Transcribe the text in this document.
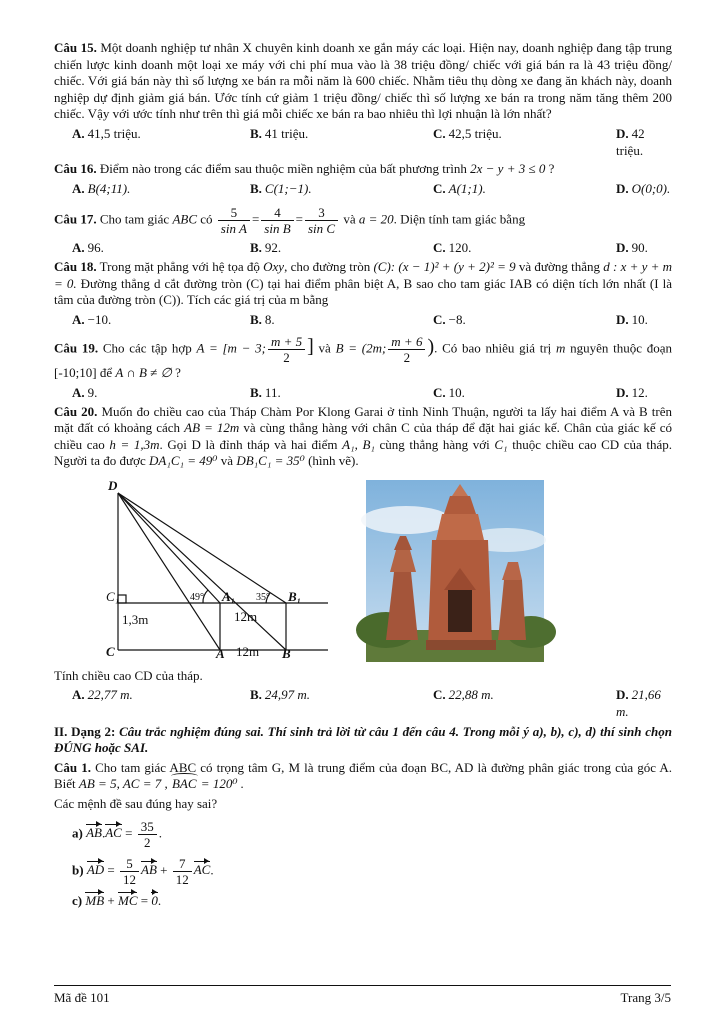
Câu 15. Một doanh nghiệp tư nhân X chuyên kinh doanh xe gắn máy các loại. Hiện nay, doanh nghiệp đang tập trung chiến lược kinh doanh một loại xe máy với chi phí mua vào là 38 triệu đồng/ chiếc với giá bán ra là 43 triệu đồng/ chiếc. Với giá bán này thì số lượng xe bán ra mỗi năm là 600 chiếc. Nhằm tiêu thụ dòng xe đang ăn khách này, doanh nghiệp dự định giảm giá bán. Ước tính cứ giảm 1 triệu đồng/ chiếc thì số lượng xe bán ra trong năm tăng thêm 200 chiếc. Vậy với ước tính như trên thì giá mỗi chiếc xe bán ra bao nhiêu thì lợi nhuận là lớn nhất?

A. 41,5 triệu.	B. 41 triệu.	C. 42,5 triệu.	D. 42 triệu.

Câu 16. Điểm nào trong các điểm sau thuộc miền nghiệm của bất phương trình 2x − y + 3 ≤ 0 ?

A. B(4;11).	B. C(1;−1).	C. A(1;1).	D. O(0;0).

Câu 17. Cho tam giác ABC có $\frac{5}{\text{sin A}} = \frac{4}{\text{sin B}} = \frac{3}{\text{sin C}}$ và a = 20. Diện tính tam giác bằng

A. 96.	B. 92.	C. 120.	D. 90.

Câu 18. Trong mặt phẳng với hệ tọa độ Oxy, cho đường tròn (C): (x − 1)² + (y + 2)² = 9 và đường thẳng d : x + y + m = 0. Đường thẳng d cắt đường tròn (C) tại hai điểm phân biệt A, B sao cho tam giác IAB có diện tích lớn nhất (I là tâm của đường tròn (C)). Tích các giá trị của m bằng

A. −10.	B. 8.	C. −8.	D. 10.

Câu 19. Cho các tập hợp A = [m − 3; $\frac{m + 5}{2}$ ] và B = (2m; $\frac{m + 6}{2}$ ). Có bao nhiêu giá trị m nguyên thuộc đoạn [-10;10] để A ∩ B ≠ ∅ ?

A. 9.	B. 11.	C. 10.	D. 12.

Câu 20. Muốn đo chiều cao của Tháp Chàm Por Klong Garai ở tỉnh Ninh Thuận, người ta lấy hai điểm A và B trên mặt đất có khoảng cách AB = 12m và cùng thẳng hàng với chân C của tháp để đặt hai giác kế. Chân của giác kế có chiều cao h = 1,3m. Gọi D là đỉnh tháp và hai điểm A₁, B₁ cùng thẳng hàng với C₁ thuộc chiều cao CD của tháp. Người ta đo được DA₁C₁ = 49⁰ và DB₁C₁ = 35⁰ (hình vẽ).

D
C₁
C
A₁	B₁
A	B
49°	35°
12m
12m
1,3m

Tính chiều cao CD của tháp.

A. 22,77 m.	B. 24,97 m.	C. 22,88 m.	D. 21,66 m.

II. Dạng 2: Câu trắc nghiệm đúng sai. Thí sinh trả lời từ câu 1 đến câu 4. Trong mỗi ý a), b), c), d) thí sinh chọn ĐÚNG hoặc SAI.

Câu 1. Cho tam giác ABC có trọng tâm G, M là trung điểm của đoạn BC, AD là đường phân giác trong của góc A. Biết AB = 5, AC = 7 , BAC = 120⁰ .

Các mệnh đề sau đúng hay sai?

a) $AB.AC = \frac{35}{2}$ .
b) AD = $\frac{5}{12}$ AB + $\frac{7}{12}$ AC.
c) MB + MC = 0.
Mã đề 101	Trang 3/5
